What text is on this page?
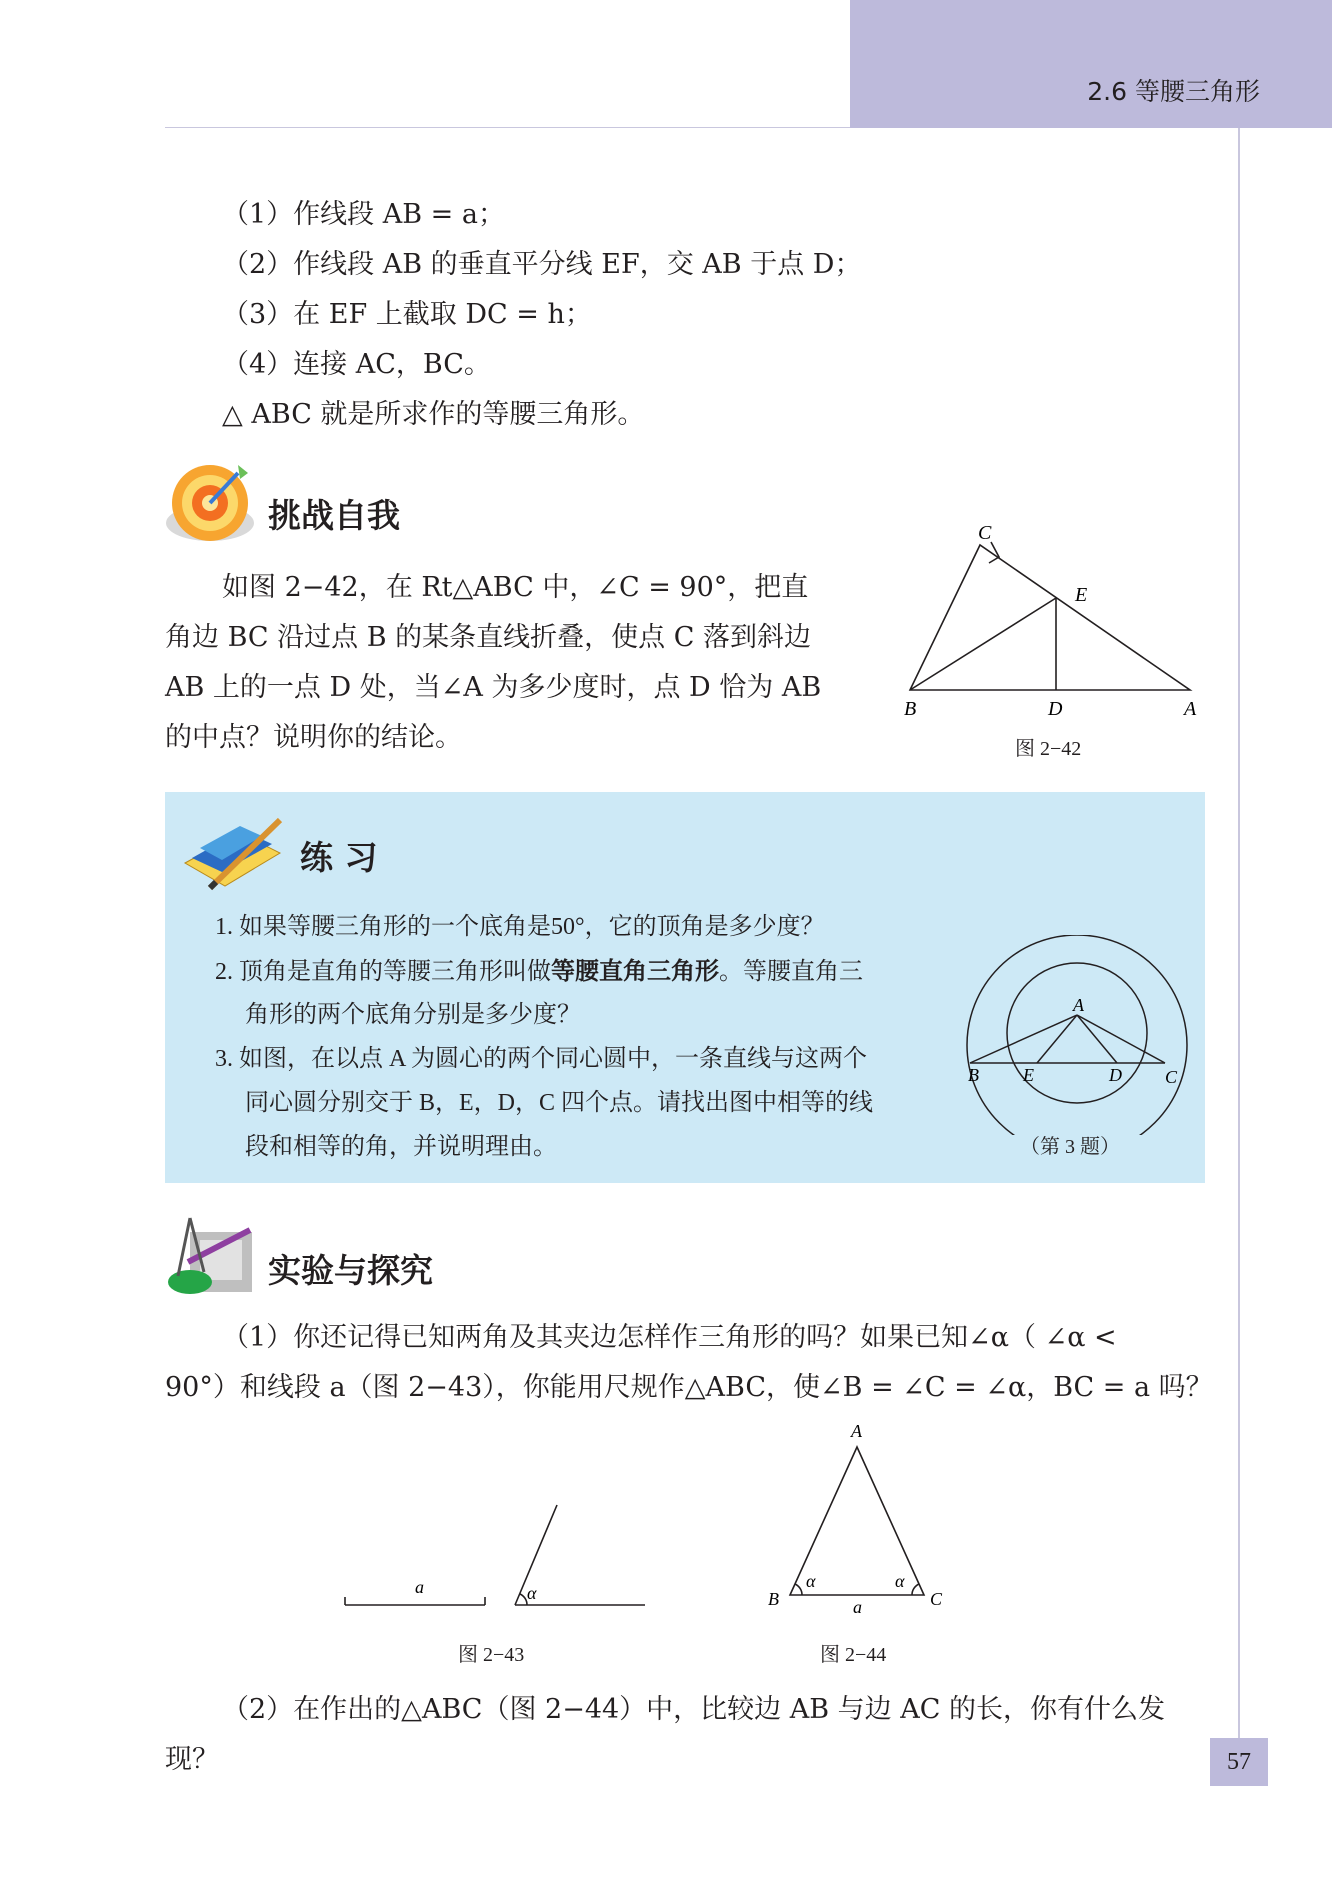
2.6 等腰三角形
（1）作线段 AB = a；
（2）作线段 AB 的垂直平分线 EF，交 AB 于点 D；
（3）在 EF 上截取 DC = h；
（4）连接 AC，BC。
△ ABC 就是所求作的等腰三角形。
挑战自我
如图 2−42，在 Rt△ABC 中，∠C = 90°，把直
角边 BC 沿过点 B 的某条直线折叠，使点 C 落到斜边
AB 上的一点 D 处，当∠A 为多少度时，点 D 恰为 AB
的中点？说明你的结论。
C
E
B	D	A
图 2−42
练 习
1. 如果等腰三角形的一个底角是50°，它的顶角是多少度？
2. 顶角是直角的等腰三角形叫做等腰直角三角形。等腰直角三
角形的两个底角分别是多少度？
3. 如图，在以点 A 为圆心的两个同心圆中，一条直线与这两个
同心圆分别交于 B，E，D，C 四个点。请找出图中相等的线
段和相等的角，并说明理由。
A
B E	D C
（第 3 题）
实验与探究
（1）你还记得已知两角及其夹边怎样作三角形的吗？如果已知∠α（ ∠α <
90°）和线段 a（图 2−43），你能用尺规作△ABC，使∠B = ∠C = ∠α，BC = a 吗？
a	α
图 2−43
A
B	C
a
α	α
图 2−44
（2）在作出的△ABC（图 2−44）中，比较边 AB 与边 AC 的长，你有什么发
现？	57
